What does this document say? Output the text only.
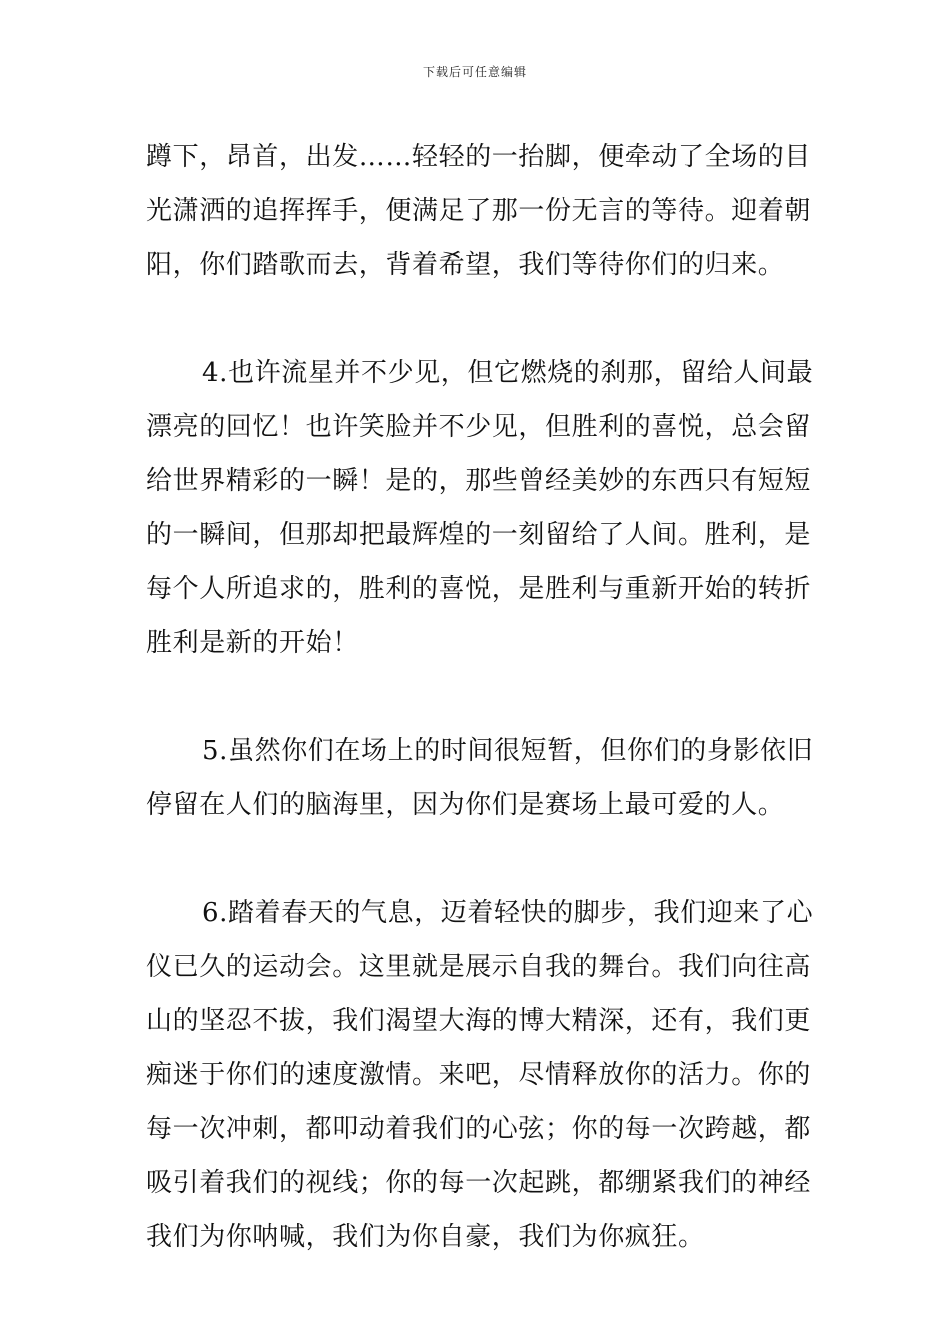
下载后可任意编辑
蹲下，昂首，出发……轻轻的一抬脚，便牵动了全场的目
光潇洒的追挥挥手，便满足了那一份无言的等待。迎着朝
阳，你们踏歌而去，背着希望，我们等待你们的归来。
4.也许流星并不少见，但它燃烧的刹那，留给人间最
漂亮的回忆！也许笑脸并不少见，但胜利的喜悦，总会留
给世界精彩的一瞬！是的，那些曾经美妙的东西只有短短
的一瞬间，但那却把最辉煌的一刻留给了人间。胜利，是
每个人所追求的，胜利的喜悦，是胜利与重新开始的转折
胜利是新的开始！
5.虽然你们在场上的时间很短暂，但你们的身影依旧
停留在人们的脑海里，因为你们是赛场上最可爱的人。
6.踏着春天的气息，迈着轻快的脚步，我们迎来了心
仪已久的运动会。这里就是展示自我的舞台。我们向往高
山的坚忍不拔，我们渴望大海的博大精深，还有，我们更
痴迷于你们的速度激情。来吧，尽情释放你的活力。你的
每一次冲刺，都叩动着我们的心弦；你的每一次跨越，都
吸引着我们的视线；你的每一次起跳，都绷紧我们的神经
我们为你呐喊，我们为你自豪，我们为你疯狂。
